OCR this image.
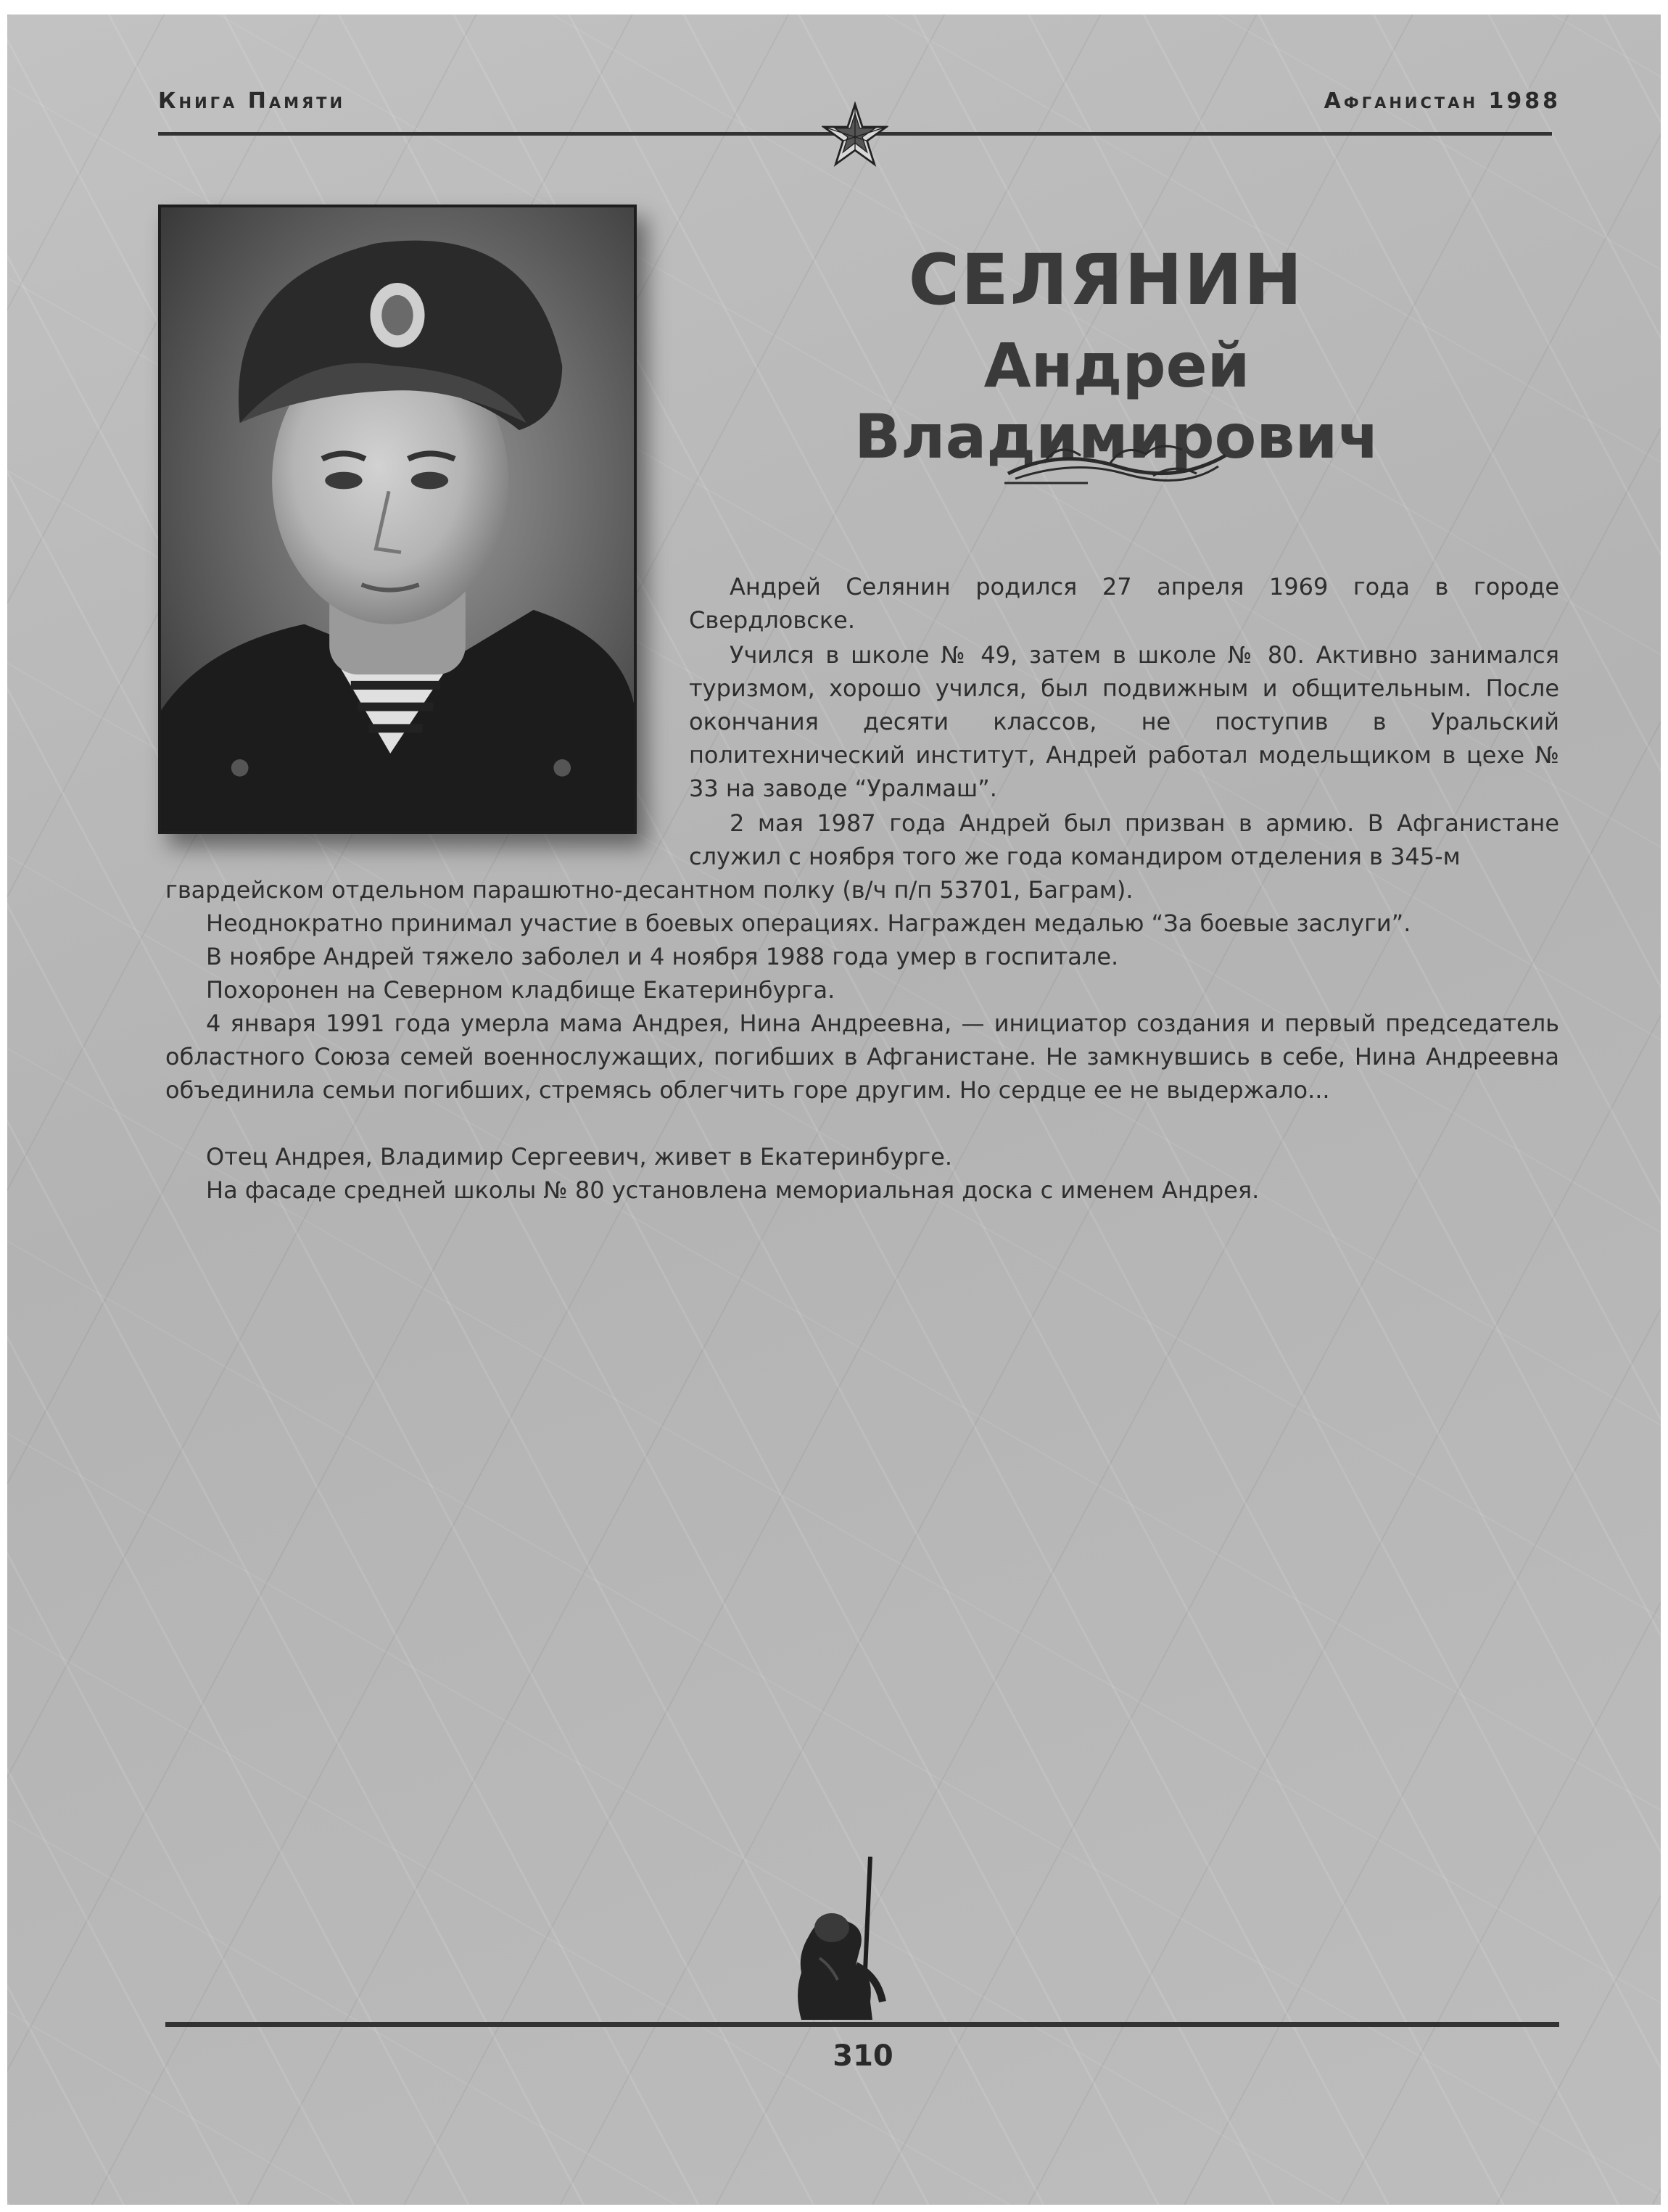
Книга Памяти	Афганистан 1988
СЕЛЯНИН
Андрей Владимирович

Андрей Селянин родился 27 апреля 1969 года в городе Свердловске.

Учился в школе № 49, затем в школе № 80. Активно занимался туризмом, хорошо учился, был подвижным и общительным. После окончания десяти классов, не поступив в Уральский политехнический институт, Андрей работал модельщиком в цехе № 33 на заводе “Уралмаш”.

2 мая 1987 года Андрей был призван в армию. В Афганистане служил с ноября того же года командиром отделения в 345-м

гвардейском отдельном парашютно-десантном полку (в/ч п/п 53701, Баграм).

Неоднократно принимал участие в боевых операциях. Награжден медалью “За боевые заслуги”.

В ноябре Андрей тяжело заболел и 4 ноября 1988 года умер в госпитале.

Похоронен на Северном кладбище Екатеринбурга.

4 января 1991 года умерла мама Андрея, Нина Андреевна, — инициатор создания и первый председатель областного Союза семей военнослужащих, погибших в Афганистане. Не замкнувшись в себе, Нина Андреевна объединила семьи погибших, стремясь облегчить горе другим. Но сердце ее не выдержало...

Отец Андрея, Владимир Сергеевич, живет в Екатеринбурге.

На фасаде средней школы № 80 установлена мемориальная доска с именем Андрея.

310
